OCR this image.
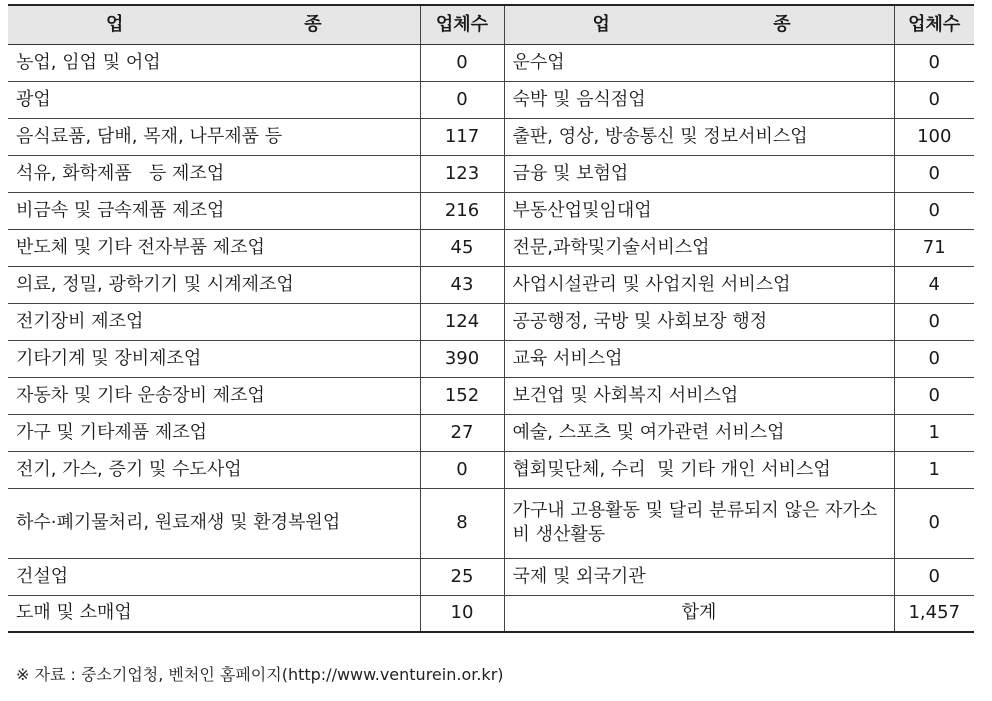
업 종	업체수	업 종	업체수
농업, 임업 및 어업	0	운수업	0
광업	0	숙박 및 음식점업	0
음식료품, 담배, 목재, 나무제품 등	117	출판, 영상, 방송통신 및 정보서비스업	100
석유, 화학제품   등 제조업	123	금융 및 보험업	0
비금속 및 금속제품 제조업	216	부동산업및임대업	0
반도체 및 기타 전자부품 제조업	45	전문,과학및기술서비스업	71
의료, 정밀, 광학기기 및 시계제조업	43	사업시설관리 및 사업지원 서비스업	4
전기장비 제조업	124	공공행정, 국방 및 사회보장 행정	0
기타기계 및 장비제조업	390	교육 서비스업	0
자동차 및 기타 운송장비 제조업	152	보건업 및 사회복지 서비스업	0
가구 및 기타제품 제조업	27	예술, 스포츠 및 여가관련 서비스업	1
전기, 가스, 증기 및 수도사업	0	협회및단체, 수리  및 기타 개인 서비스업	1
하수·폐기물처리, 원료재생 및 환경복원업	8	가구내 고용활동 및 달리 분류되지 않은 자가소비 생산활동	0
건설업	25	국제 및 외국기관	0
도매 및 소매업	10	합계	1,457
※ 자료 : 중소기업청, 벤처인 홈페이지(http://www.venturein.or.kr)
